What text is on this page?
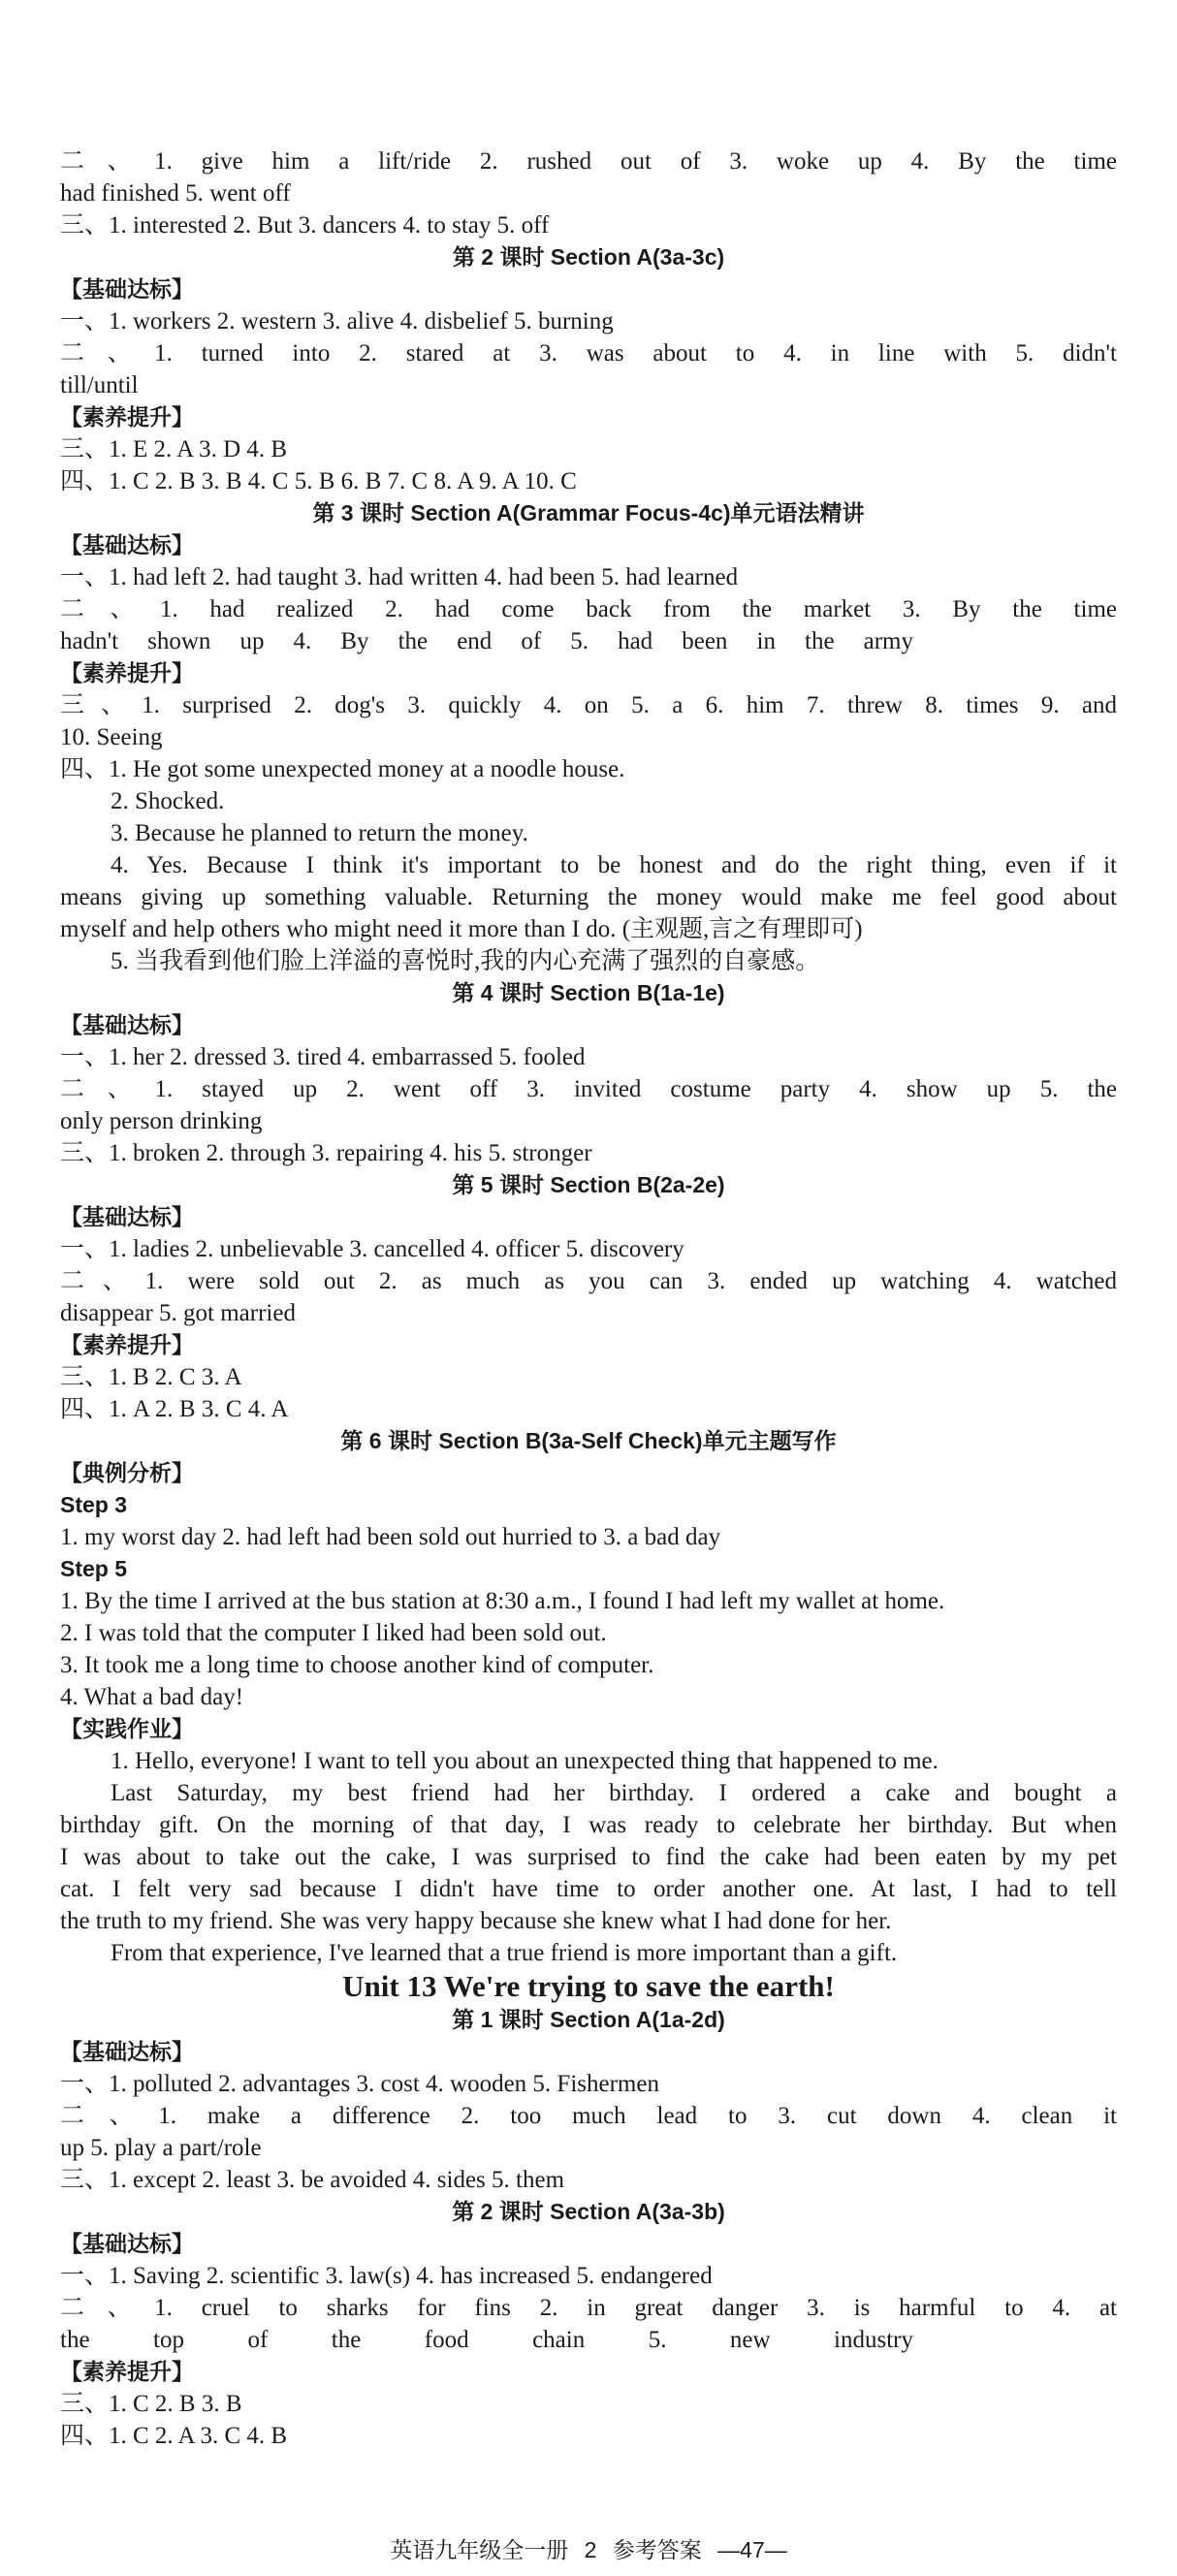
二、1. give him a lift/ride 2. rushed out of 3. woke up 4. By the time
had finished 5. went off
三、1. interested 2. But 3. dancers 4. to stay 5. off
第 2 课时 Section A(3a-3c)
【基础达标】
一、1. workers 2. western 3. alive 4. disbelief 5. burning
二、1. turned into 2. stared at 3. was about to 4. in line with 5. didn't
till/until
【素养提升】
三、1. E 2. A 3. D 4. B
四、1. C 2. B 3. B 4. C 5. B 6. B 7. C 8. A 9. A 10. C
第 3 课时 Section A(Grammar Focus-4c)单元语法精讲
【基础达标】
一、1. had left 2. had taught 3. had written 4. had been 5. had learned
二、1. had realized 2. had come back from the market 3. By the time
hadn't shown up 4. By the end of 5. had been in the army
【素养提升】
三、1. surprised 2. dog's 3. quickly 4. on 5. a 6. him 7. threw 8. times 9. and
10. Seeing
四、1. He got some unexpected money at a noodle house.
2. Shocked.
3. Because he planned to return the money.
4. Yes. Because I think it's important to be honest and do the right thing, even if it
means giving up something valuable. Returning the money would make me feel good about
myself and help others who might need it more than I do. (主观题,言之有理即可)
5. 当我看到他们脸上洋溢的喜悦时,我的内心充满了强烈的自豪感。
第 4 课时 Section B(1a-1e)
【基础达标】
一、1. her 2. dressed 3. tired 4. embarrassed 5. fooled
二、1. stayed up 2. went off 3. invited costume party 4. show up 5. the
only person drinking
三、1. broken 2. through 3. repairing 4. his 5. stronger
第 5 课时 Section B(2a-2e)
【基础达标】
一、1. ladies 2. unbelievable 3. cancelled 4. officer 5. discovery
二、1. were sold out 2. as much as you can 3. ended up watching 4. watched
disappear 5. got married
【素养提升】
三、1. B 2. C 3. A
四、1. A 2. B 3. C 4. A
第 6 课时 Section B(3a-Self Check)单元主题写作
【典例分析】
Step 3
1. my worst day 2. had left had been sold out hurried to 3. a bad day
Step 5
1. By the time I arrived at the bus station at 8:30 a.m., I found I had left my wallet at home.
2. I was told that the computer I liked had been sold out.
3. It took me a long time to choose another kind of computer.
4. What a bad day!
【实践作业】
1. Hello, everyone! I want to tell you about an unexpected thing that happened to me.
Last Saturday, my best friend had her birthday. I ordered a cake and bought a
birthday gift. On the morning of that day, I was ready to celebrate her birthday. But when
I was about to take out the cake, I was surprised to find the cake had been eaten by my pet
cat. I felt very sad because I didn't have time to order another one. At last, I had to tell
the truth to my friend. She was very happy because she knew what I had done for her.
From that experience, I've learned that a true friend is more important than a gift.
Unit 13 We're trying to save the earth!
第 1 课时 Section A(1a-2d)
【基础达标】
一、1. polluted 2. advantages 3. cost 4. wooden 5. Fishermen
二、1. make a difference 2. too much lead to 3. cut down 4. clean it
up 5. play a part/role
三、1. except 2. least 3. be avoided 4. sides 5. them
第 2 课时 Section A(3a-3b)
【基础达标】
一、1. Saving 2. scientific 3. law(s) 4. has increased 5. endangered
二、1. cruel to sharks for fins 2. in great danger 3. is harmful to 4. at
the top of the food chain 5. new industry
【素养提升】
三、1. C 2. B 3. B
四、1. C 2. A 3. C 4. B
英语九年级全一册 2 参考答案 —47—
